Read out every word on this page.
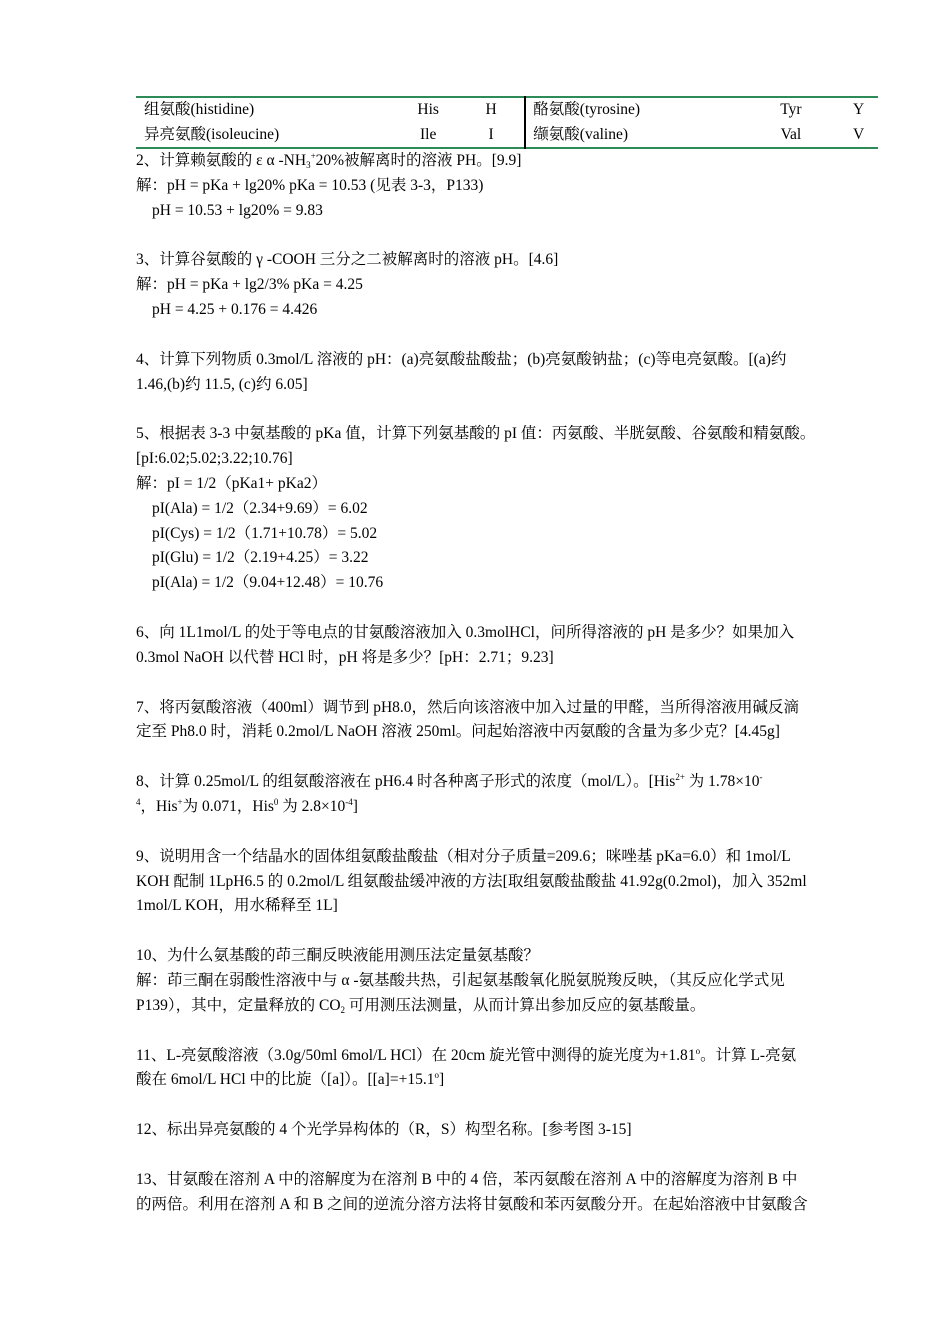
组氨酸(histidine)	His	H		酪氨酸(tyrosine)	Tyr	Y
异亮氨酸(isoleucine)	Ile	I		缬氨酸(valine)	Val	V
2、计算赖氨酸的 ε α $-NH_3^+20\%$被解离时的溶液 PH。[9.9]
解：pH = pKa + lg20% pKa = 10.53 (见表 3-3，P133)
pH = 10.53 + lg20% = 9.83
3、计算谷氨酸的 γ -COOH 三分之二被解离时的溶液 pH。[4.6]
解：pH = pKa + lg2/3% pKa = 4.25
pH = 4.25 + 0.176 = 4.426
4、计算下列物质 0.3mol/L 溶液的 pH：(a)亮氨酸盐酸盐；(b)亮氨酸钠盐；(c)等电亮氨酸。[(a)约
1.46,(b)约 11.5, (c)约 6.05]
5、根据表 3-3 中氨基酸的 pKa 值，计算下列氨基酸的 pI 值：丙氨酸、半胱氨酸、谷氨酸和精氨酸。
[pI:6.02;5.02;3.22;10.76]
解：pI = 1/2（pKa1+ pKa2）
pI(Ala) = 1/2（2.34+9.69）= 6.02
pI(Cys) = 1/2（1.71+10.78）= 5.02
pI(Glu) = 1/2（2.19+4.25）= 3.22
pI(Ala) = 1/2（9.04+12.48）= 10.76
6、向 1L1mol/L 的处于等电点的甘氨酸溶液加入 0.3molHCl，问所得溶液的 pH 是多少？如果加入
0.3mol NaOH 以代替 HCl 时，pH 将是多少？[pH：2.71；9.23]
7、将丙氨酸溶液（400ml）调节到 pH8.0，然后向该溶液中加入过量的甲醛，当所得溶液用碱反滴
定至 Ph8.0 时，消耗 0.2mol/L NaOH 溶液 250ml。问起始溶液中丙氨酸的含量为多少克？[4.45g]
8、计算 0.25mol/L 的组氨酸溶液在 pH6.4 时各种离子形式的浓度（mol/L）。[His$^{2+}$ 为 1.78×10-
$^4$，His+为 0.071，His$^0$ 为 $2.8\times 10^{-4}$]
9、说明用含一个结晶水的固体组氨酸盐酸盐（相对分子质量=209.6；咪唑基 pKa=6.0）和 1mol/L
KOH 配制 1LpH6.5 的 0.2mol/L 组氨酸盐缓冲液的方法[取组氨酸盐酸盐 41.92g(0.2mol)，加入 352ml
1mol/L KOH，用水稀释至 1L]
10、为什么氨基酸的茚三酮反映液能用测压法定量氨基酸？
解：茚三酮在弱酸性溶液中与 α -氨基酸共热，引起氨基酸氧化脱氨脱羧反映，（其反应化学式见
P139），其中，定量释放的 $CO_2$ 可用测压法测量，从而计算出参加反应的氨基酸量。
11、L-亮氨酸溶液（3.0g/50ml 6mol/L HCl）在 20cm 旋光管中测得的旋光度为$+1.81^o$。计算 L-亮氨
酸在 6mol/L HCl 中的比旋（[a]）。$[[a]=+15.1^o]$
12、标出异亮氨酸的 4 个光学异构体的（R，S）构型名称。[参考图 3-15]
13、甘氨酸在溶剂 A 中的溶解度为在溶剂 B 中的 4 倍，苯丙氨酸在溶剂 A 中的溶解度为溶剂 B 中
的两倍。利用在溶剂 A 和 B 之间的逆流分溶方法将甘氨酸和苯丙氨酸分开。在起始溶液中甘氨酸含
